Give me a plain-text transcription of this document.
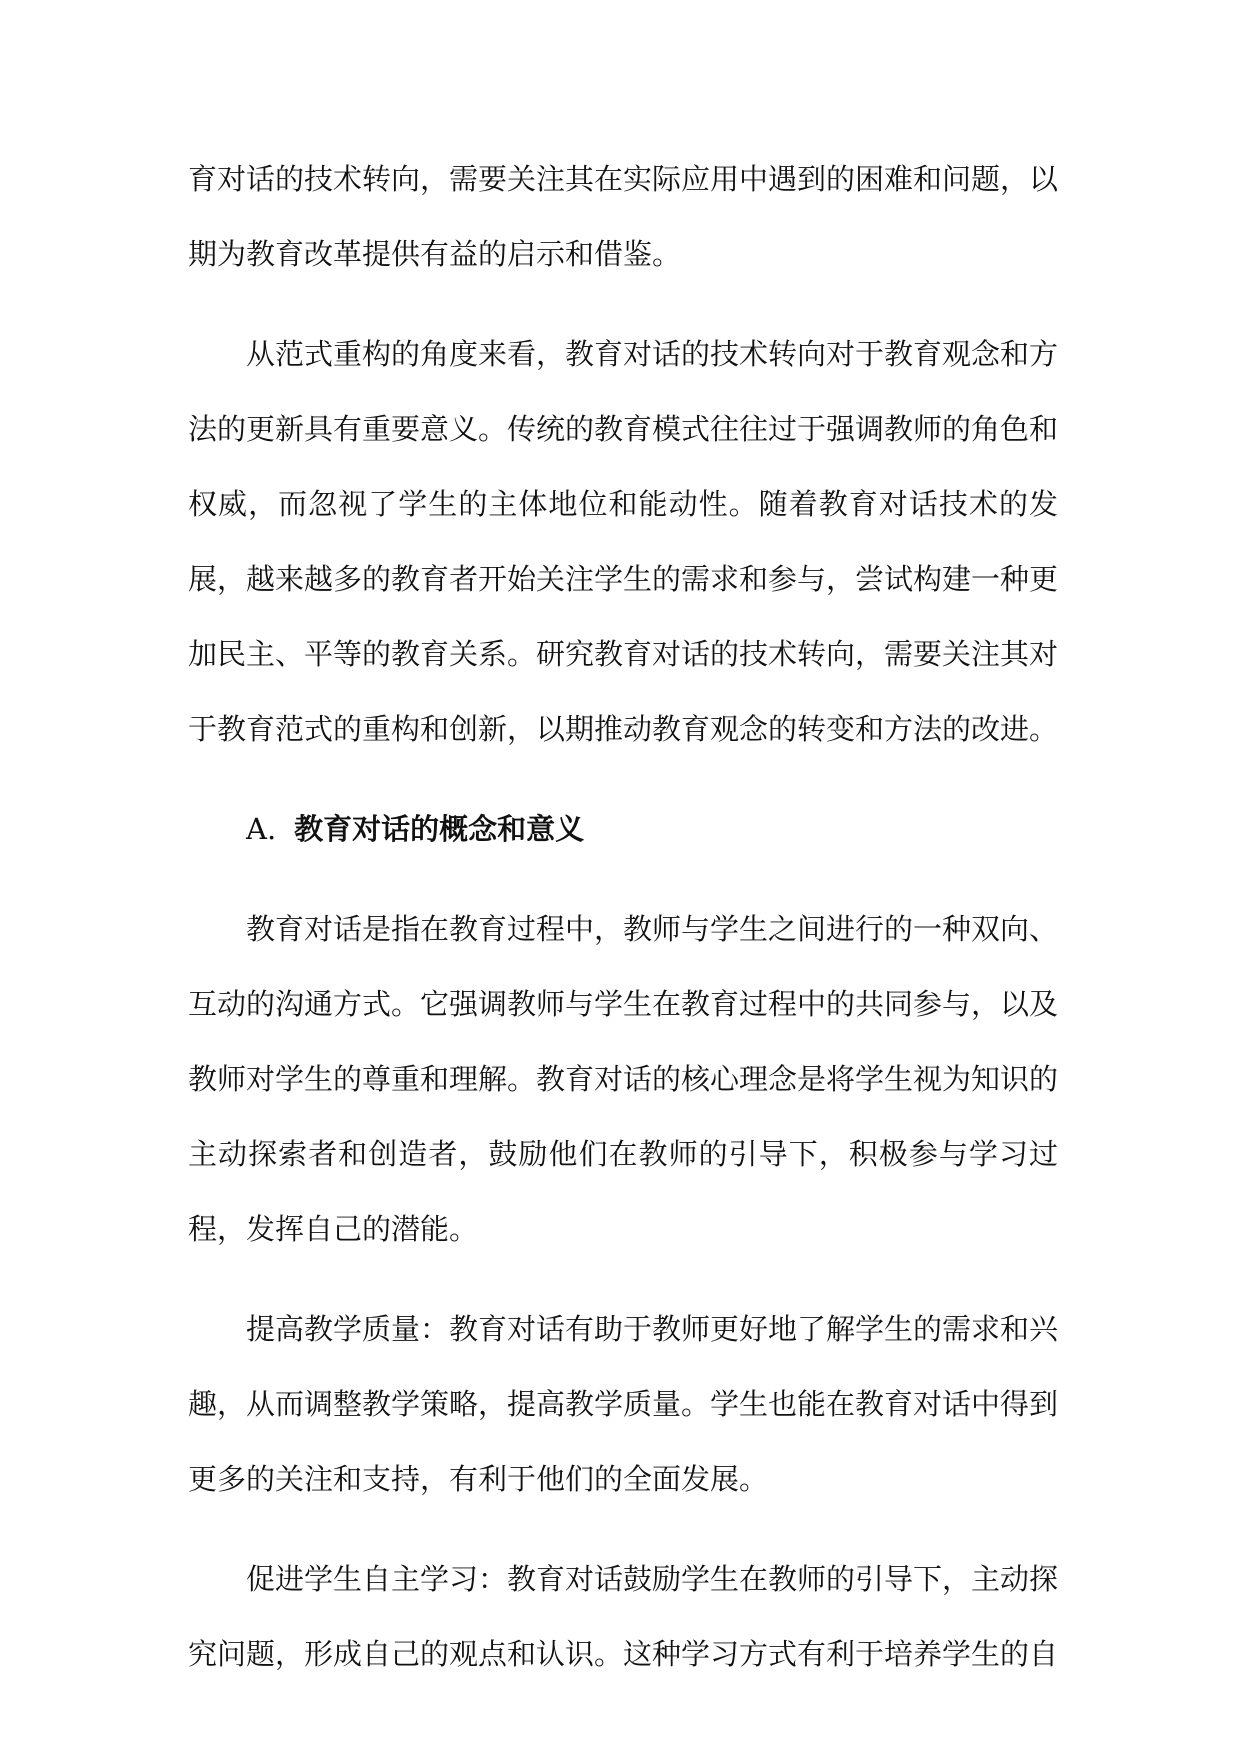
育对话的技术转向，需要关注其在实际应用中遇到的困难和问题，以期为教育改革提供有益的启示和借鉴。

从范式重构的角度来看，教育对话的技术转向对于教育观念和方法的更新具有重要意义。传统的教育模式往往过于强调教师的角色和权威，而忽视了学生的主体地位和能动性。随着教育对话技术的发展，越来越多的教育者开始关注学生的需求和参与，尝试构建一种更加民主、平等的教育关系。研究教育对话的技术转向，需要关注其对于教育范式的重构和创新，以期推动教育观念的转变和方法的改进。

A. 教育对话的概念和意义

教育对话是指在教育过程中，教师与学生之间进行的一种双向、互动的沟通方式。它强调教师与学生在教育过程中的共同参与，以及教师对学生的尊重和理解。教育对话的核心理念是将学生视为知识的主动探索者和创造者，鼓励他们在教师的引导下，积极参与学习过程，发挥自己的潜能。

提高教学质量：教育对话有助于教师更好地了解学生的需求和兴趣，从而调整教学策略，提高教学质量。学生也能在教育对话中得到更多的关注和支持，有利于他们的全面发展。

促进学生自主学习：教育对话鼓励学生在教师的引导下，主动探究问题，形成自己的观点和认识。这种学习方式有利于培养学生的自
